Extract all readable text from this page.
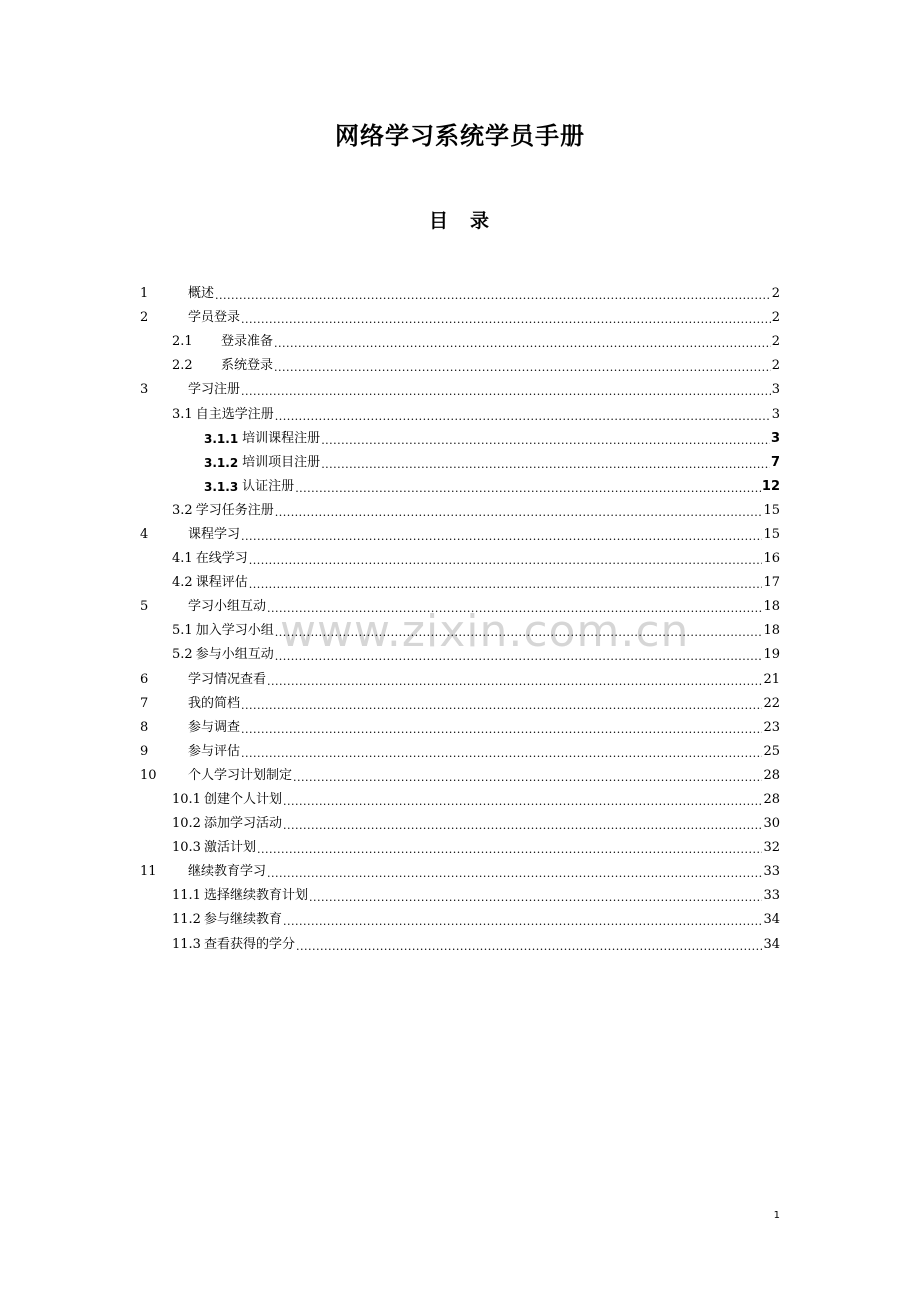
网络学习系统学员手册
目 录
www.zixin.com.cn
1	概述 .....	2
2	学员登录 .....	2
2.1	登录准备 .....	2
2.2	系统登录 .....	2
3	学习注册 .....	3
3.1 自主选学注册 .....	3
3.1.1 培训课程注册 .....	3
3.1.2 培训项目注册 .....	7
3.1.3 认证注册 .....	12
3.2 学习任务注册 .....	15
4	课程学习 .....	15
4.1 在线学习 .....	16
4.2 课程评估 .....	17
5	学习小组互动 .....	18
5.1 加入学习小组 .....	18
5.2 参与小组互动 .....	19
6	学习情况查看 .....	21
7	我的简档 .....	22
8	参与调查 .....	23
9	参与评估 .....	25
10	个人学习计划制定 .....	28
10.1 创建个人计划 .....	28
10.2 添加学习活动 .....	30
10.3 激活计划 .....	32
11	继续教育学习 .....	33
11.1 选择继续教育计划 .....	33
11.2 参与继续教育 .....	34
11.3 查看获得的学分 .....	34
1
